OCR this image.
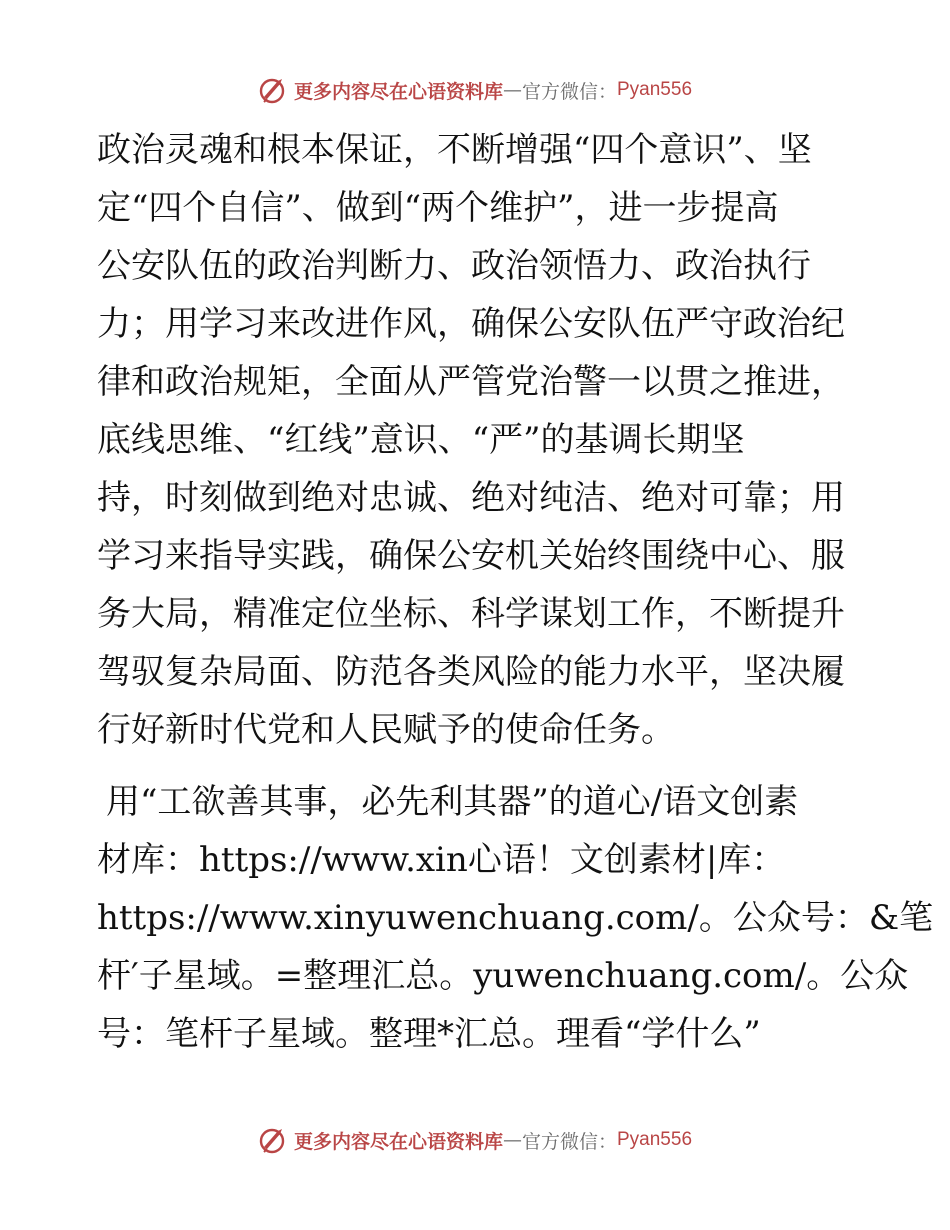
更多内容尽在心语资料库 — 官方微信： Pyan556
政治灵魂和根本保证，不断增强“四个意识”、坚
定“四个自信”、做到“两个维护”，进一步提高
公安队伍的政治判断力、政治领悟力、政治执行
力；用学习来改进作风，确保公安队伍严守政治纪
律和政治规矩，全面从严管党治警一以贯之推进，
底线思维、“红线”意识、“严”的基调长期坚
持，时刻做到绝对忠诚、绝对纯洁、绝对可靠；用
学习来指导实践，确保公安机关始终围绕中心、服
务大局，精准定位坐标、科学谋划工作，不断提升
驾驭复杂局面、防范各类风险的能力水平，坚决履
行好新时代党和人民赋予的使命任务。
用“工欲善其事，必先利其器”的道心/语文创素
材库：https://www.xin心语！文创素材|库：
https://www.xinyuwenchuang.com/。公众号：&笔
杆′子星域。=整理汇总。yuwenchuang.com/。公众
号：笔杆子星域。整理*汇总。理看“学什么”
更多内容尽在心语资料库 — 官方微信： Pyan556
